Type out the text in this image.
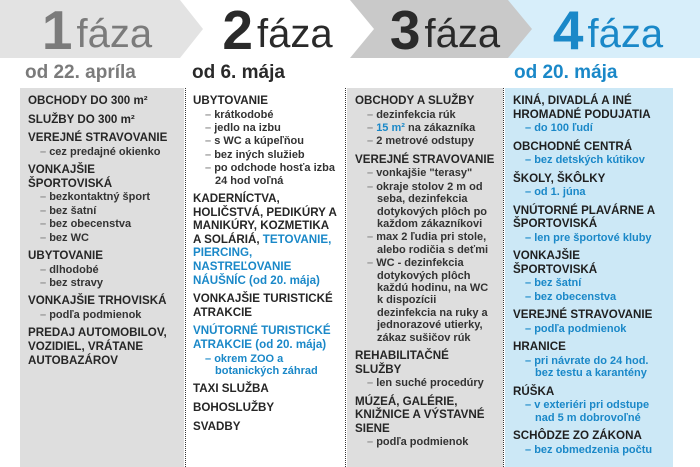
1 fáza 2 fáza 3 fáza 4 fáza
od 22. apríla	od 6. mája	od 20. mája
OBCHODY DO 300 m²
SLUŽBY DO 300 m²
VEREJNÉ STRAVOVANIE
– cez predajné okienko
VONKAJŠIE ŠPORTOVISKÁ
– bezkontaktný šport
– bez šatní
– bez obecenstva
– bez WC
UBYTOVANIE
– dlhodobé
– bez stravy
VONKAJŠIE TRHOVISKÁ
– podľa podmienok
PREDAJ AUTOMOBILOV, VOZIDIEL, VRÁTANE AUTOBAZÁROV
UBYTOVANIE
– krátkodobé
– jedlo na izbu
– s WC a kúpeľňou
– bez iných služieb
– po odchode hosťa izba 24 hod voľná
KADERNÍCTVA, HOLIČSTVÁ, PEDIKÚRY A MANIKÚRY, KOZMETIKA A SOLÁRIÁ, TETOVANIE, PIERCING, NASTREĽOVANIE NÁUŠNÍC (od 20. mája)
VONKAJŠIE TURISTICKÉ ATRAKCIE
VNÚTORNÉ TURISTICKÉ ATRAKCIE (od 20. mája)
– okrem ZOO a botanických záhrad
TAXI SLUŽBA
BOHOSLUŽBY
SVADBY
OBCHODY A SLUŽBY
– dezinfekcia rúk
– 15 m² na zákazníka
– 2 metrové odstupy
VEREJNÉ STRAVOVANIE
– vonkajšie "terasy"
– okraje stolov 2 m od seba, dezinfekcia dotykových plôch po každom zákazníkovi
– max 2 ľudia pri stole, alebo rodičia s deťmi
– WC - dezinfekcia dotykových plôch každú hodinu, na WC k dispozícii dezinfekcia na ruky a jednorazové utierky, zákaz sušičov rúk
REHABILITAČNÉ SLUŽBY
– len suché procedúry
MÚZEÁ, GALÉRIE, KNIŽNICE A VÝSTAVNÉ SIENE
– podľa podmienok
KINÁ, DIVADLÁ A INÉ HROMADNÉ PODUJATIA
– do 100 ľudí
OBCHODNÉ CENTRÁ
– bez detských kútikov
ŠKOLY, ŠKÔLKY
– od 1. júna
VNÚTORNÉ PLAVÁRNE A ŠPORTOVISKÁ
– len pre športové kluby
VONKAJŠIE ŠPORTOVISKÁ
– bez šatní
– bez obecenstva
VEREJNÉ STRAVOVANIE
– podľa podmienok
HRANICE
– pri návrate do 24 hod. bez testu a karantény
RÚŠKA
– v exteriéri pri odstupe nad 5 m dobrovoľné
SCHÔDZE ZO ZÁKONA
– bez obmedzenia počtu
